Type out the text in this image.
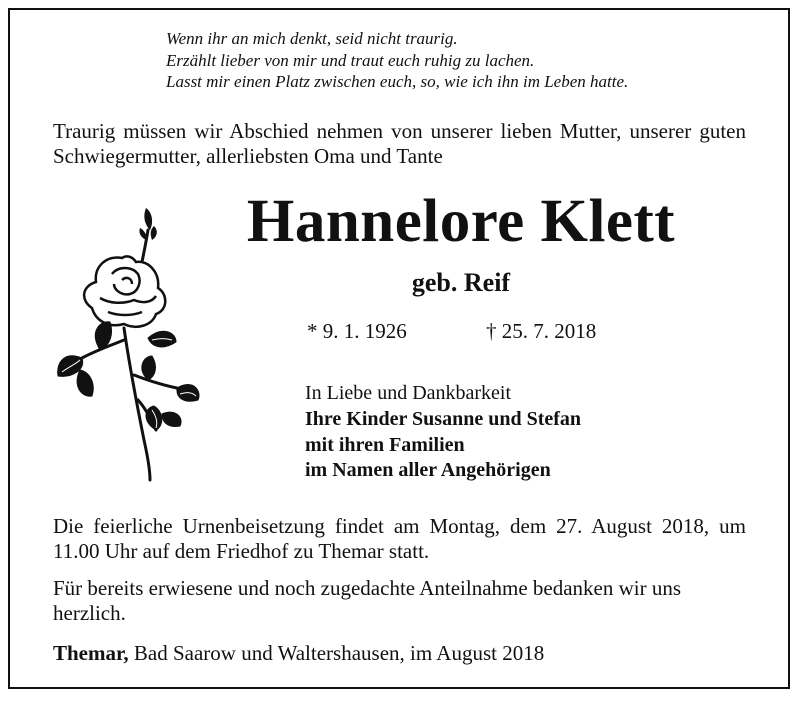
Wenn ihr an mich denkt, seid nicht traurig.
Erzählt lieber von mir und traut euch ruhig zu lachen.
Lasst mir einen Platz zwischen euch, so, wie ich ihn im Leben hatte.
Traurig müssen wir Abschied nehmen von unserer lieben Mutter, unserer guten Schwiegermutter, allerliebsten Oma und Tante
Hannelore Klett
geb. Reif
* 9. 1. 1926	† 25. 7. 2018
In Liebe und Dankbarkeit
Ihre Kinder Susanne und Stefan
mit ihren Familien
im Namen aller Angehörigen
Die feierliche Urnenbeisetzung findet am Montag, dem 27. August 2018, um 11.00 Uhr auf dem Friedhof zu Themar statt.
Für bereits erwiesene und noch zugedachte Anteilnahme bedanken wir uns herzlich.
Themar, Bad Saarow und Waltershausen, im August 2018
